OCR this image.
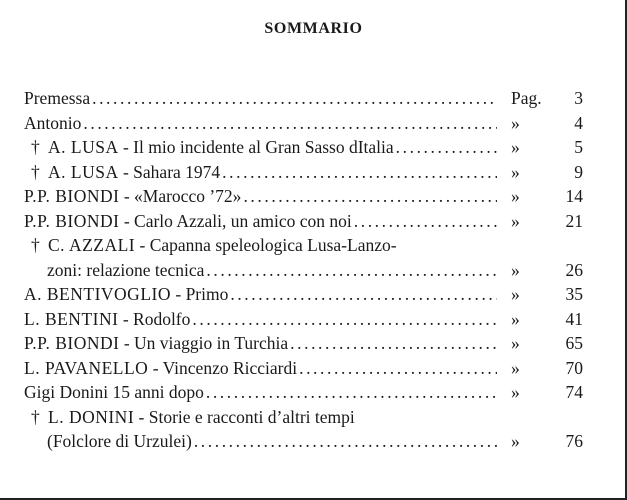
SOMMARIO
Premessa .....	Pag. 3
Antonio .....	»	4
† A. LUSA - Il mio incidente al Gran Sasso dItalia .....	»	5
† A. LUSA - Sahara 1974 .....	»	9
P.P. BIONDI - «Marocco ’72» .....	»	14
P.P. BIONDI - Carlo Azzali, un amico con noi .....	»	21
† C. AZZALI - Capanna speleologica Lusa-Lanzo-
zoni: relazione tecnica .....	»	26
A. BENTIVOGLIO - Primo .....	»	35
L. BENTINI - Rodolfo .....	»	41
P.P. BIONDI - Un viaggio in Turchia .....	»	65
L. PAVANELLO - Vincenzo Ricciardi .....	»	70
Gigi Donini 15 anni dopo .....	»	74
† L. DONINI - Storie e racconti d’altri tempi
(Folclore di Urzulei) .....	»	76
